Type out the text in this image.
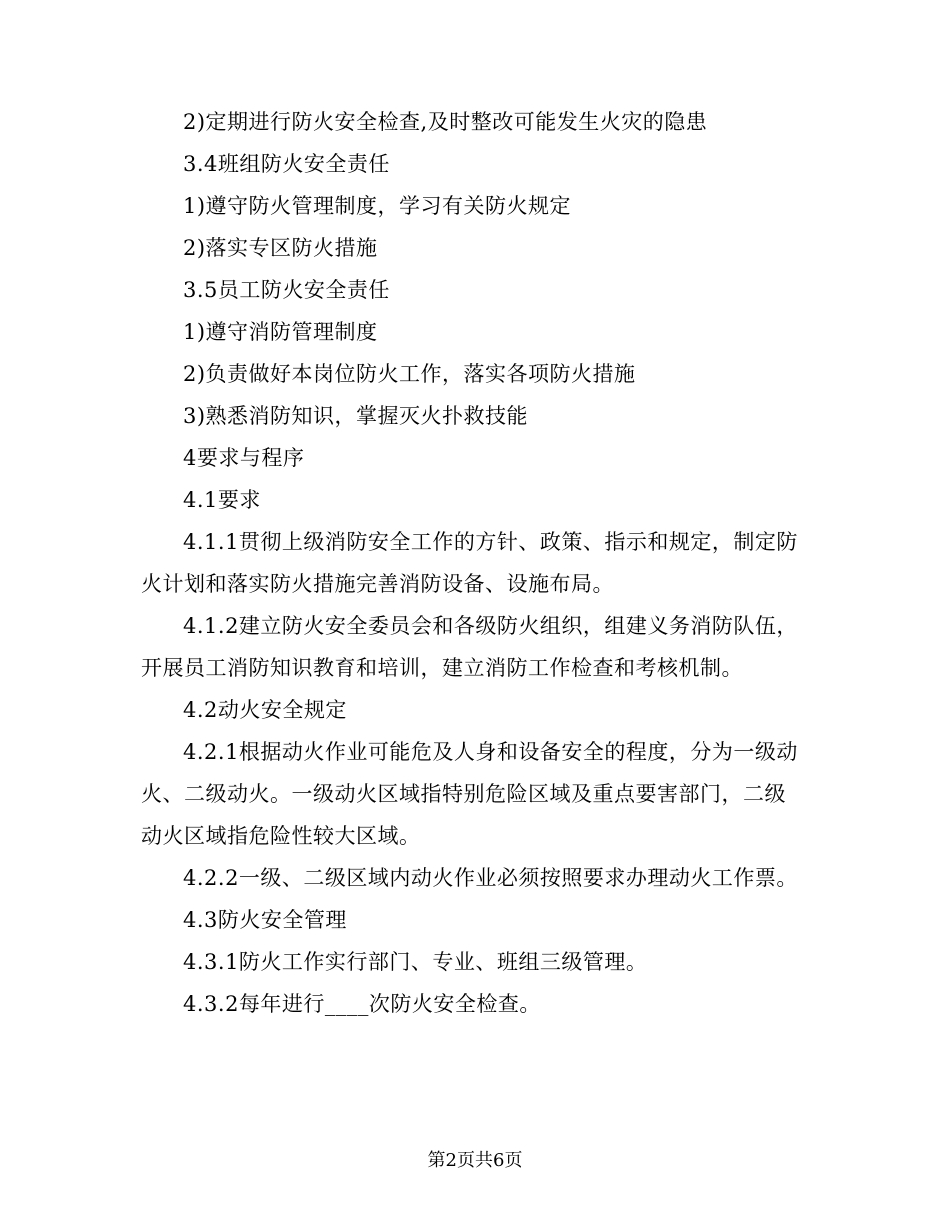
2)定期进行防火安全检查,及时整改可能发生火灾的隐患

3.4班组防火安全责任

1)遵守防火管理制度，学习有关防火规定

2)落实专区防火措施

3.5员工防火安全责任

1)遵守消防管理制度

2)负责做好本岗位防火工作，落实各项防火措施

3)熟悉消防知识，掌握灭火扑救技能

4要求与程序

4.1要求

4.1.1贯彻上级消防安全工作的方针、政策、指示和规定，制定防火计划和落实防火措施完善消防设备、设施布局。

4.1.2建立防火安全委员会和各级防火组织，组建义务消防队伍，开展员工消防知识教育和培训，建立消防工作检查和考核机制。

4.2动火安全规定

4.2.1根据动火作业可能危及人身和设备安全的程度，分为一级动火、二级动火。一级动火区域指特别危险区域及重点要害部门，二级动火区域指危险性较大区域。

4.2.2一级、二级区域内动火作业必须按照要求办理动火工作票。

4.3防火安全管理

4.3.1防火工作实行部门、专业、班组三级管理。

4.3.2每年进行____次防火安全检查。

第2页共6页
